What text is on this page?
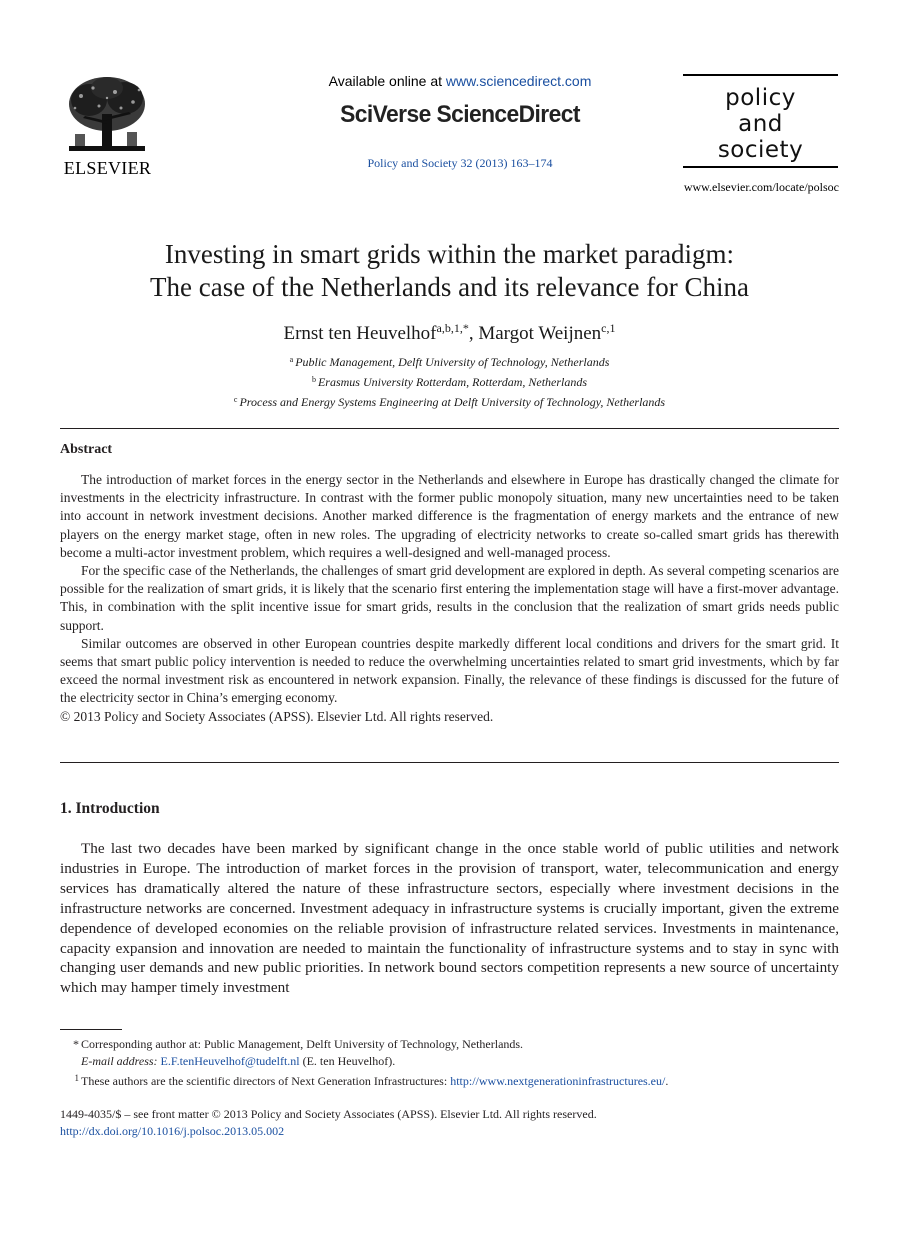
ELSEVIER
Available online at www.sciencedirect.com
SciVerse ScienceDirect
Policy and Society 32 (2013) 163–174
policy
and
society
www.elsevier.com/locate/polsoc
Investing in smart grids within the market paradigm:
The case of the Netherlands and its relevance for China
Ernst ten Heuvelhof$^{a,b,1,*}$, Margot Weijnen$^{c,1}$
$^a$ Public Management, Delft University of Technology, Netherlands
$^b$ Erasmus University Rotterdam, Rotterdam, Netherlands
$^c$ Process and Energy Systems Engineering at Delft University of Technology, Netherlands
Abstract

The introduction of market forces in the energy sector in the Netherlands and elsewhere in Europe has drastically changed the climate for investments in the electricity infrastructure. In contrast with the former public monopoly situation, many new uncertainties need to be taken into account in network investment decisions. Another marked difference is the fragmentation of energy markets and the entrance of new players on the energy market stage, often in new roles. The upgrading of electricity networks to create so-called smart grids has therewith become a multi-actor investment problem, which requires a well-designed and well-managed process.

For the specific case of the Netherlands, the challenges of smart grid development are explored in depth. As several competing scenarios are possible for the realization of smart grids, it is likely that the scenario first entering the implementation stage will have a first-mover advantage. This, in combination with the split incentive issue for smart grids, results in the conclusion that the realization of smart grids needs public support.

Similar outcomes are observed in other European countries despite markedly different local conditions and drivers for the smart grid. It seems that smart public policy intervention is needed to reduce the overwhelming uncertainties related to smart grid investments, which by far exceed the normal investment risk as encountered in network expansion. Finally, the relevance of these findings is discussed for the future of the electricity sector in China’s emerging economy.

© 2013 Policy and Society Associates (APSS). Elsevier Ltd. All rights reserved.

1. Introduction
The last two decades have been marked by significant change in the once stable world of public utilities and network industries in Europe. The introduction of market forces in the provision of transport, water, telecommunication and energy services has dramatically altered the nature of these infrastructure sectors, especially where investment decisions in the infrastructure networks are concerned. Investment adequacy in infrastructure systems is crucially important, given the extreme dependence of developed economies on the reliable provision of infrastructure related services. Investments in maintenance, capacity expansion and innovation are needed to maintain the functionality of infrastructure systems and to stay in sync with changing user demands and new public priorities. In network bound sectors competition represents a new source of uncertainty which may hamper timely investment
* Corresponding author at: Public Management, Delft University of Technology, Netherlands.
E-mail address: E.F.tenHeuvelhof@tudelft.nl (E. ten Heuvelhof).
1 These authors are the scientific directors of Next Generation Infrastructures: http://www.nextgenerationinfrastructures.eu/.
1449-4035/$ – see front matter © 2013 Policy and Society Associates (APSS). Elsevier Ltd. All rights reserved.
http://dx.doi.org/10.1016/j.polsoc.2013.05.002
